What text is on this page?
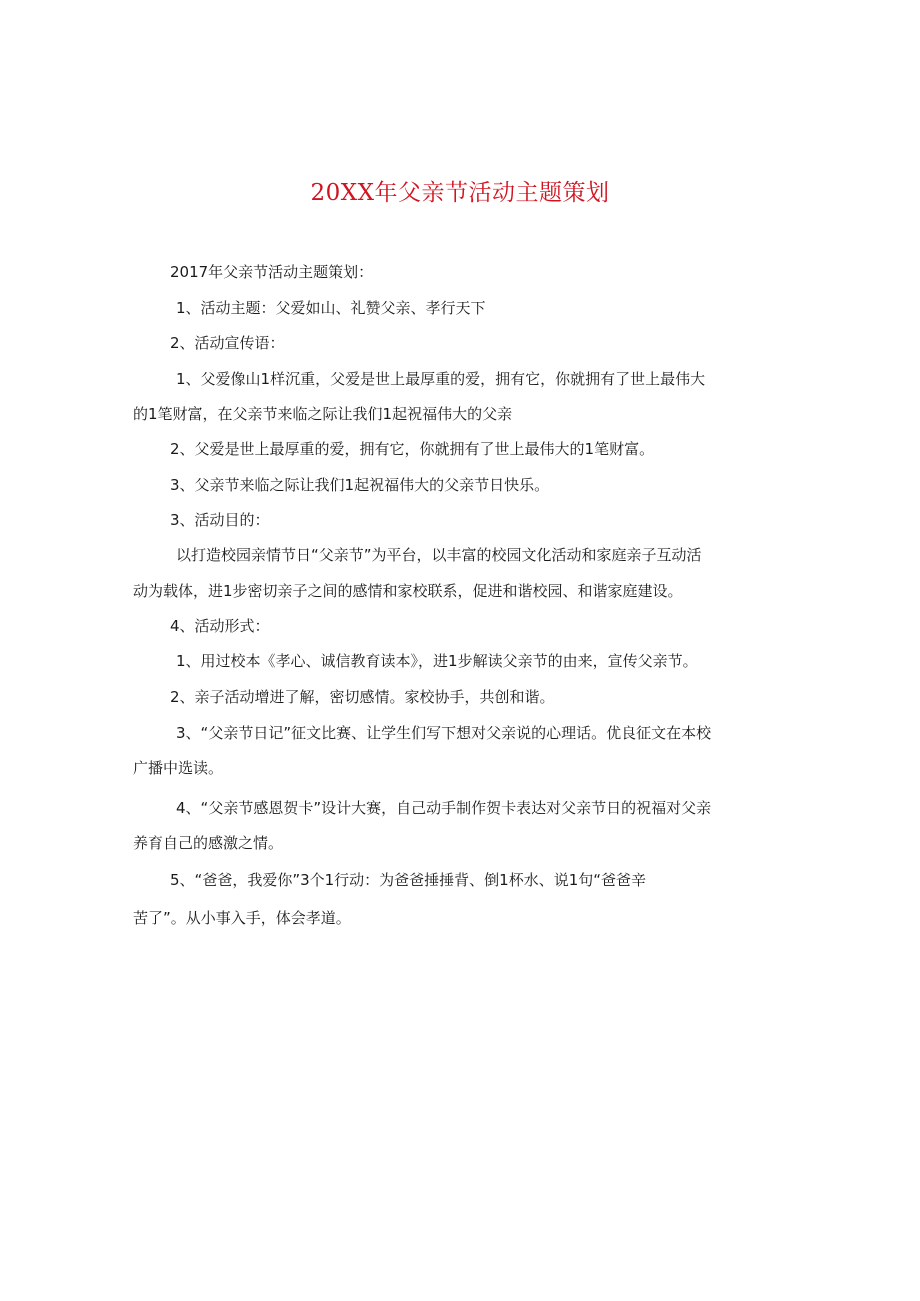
20XX年父亲节活动主题策划
2017年父亲节活动主题策划：
1、活动主题：父爱如山、礼赞父亲、孝行天下
2、活动宣传语：
1、父爱像山1样沉重，父爱是世上最厚重的爱，拥有它，你就拥有了世上最伟大
的1笔财富，在父亲节来临之际让我们1起祝福伟大的父亲
2、父爱是世上最厚重的爱，拥有它，你就拥有了世上最伟大的1笔财富。
3、父亲节来临之际让我们1起祝福伟大的父亲节日快乐。
3、活动目的：
以打造校园亲情节日“父亲节”为平台，以丰富的校园文化活动和家庭亲子互动活
动为载体，进1步密切亲子之间的感情和家校联系，促进和谐校园、和谐家庭建设。
4、活动形式：
1、用过校本《孝心、诚信教育读本》，进1步解读父亲节的由来，宣传父亲节。
2、亲子活动增进了解，密切感情。家校协手，共创和谐。
3、“父亲节日记”征文比赛、让学生们写下想对父亲说的心理话。优良征文在本校
广播中选读。
4、“父亲节感恩贺卡”设计大赛，自己动手制作贺卡表达对父亲节日的祝福对父亲
养育自己的感激之情。
5、“爸爸，我爱你”3个1行动：为爸爸捶捶背、倒1杯水、说1句“爸爸辛
苦了”。从小事入手，体会孝道。
